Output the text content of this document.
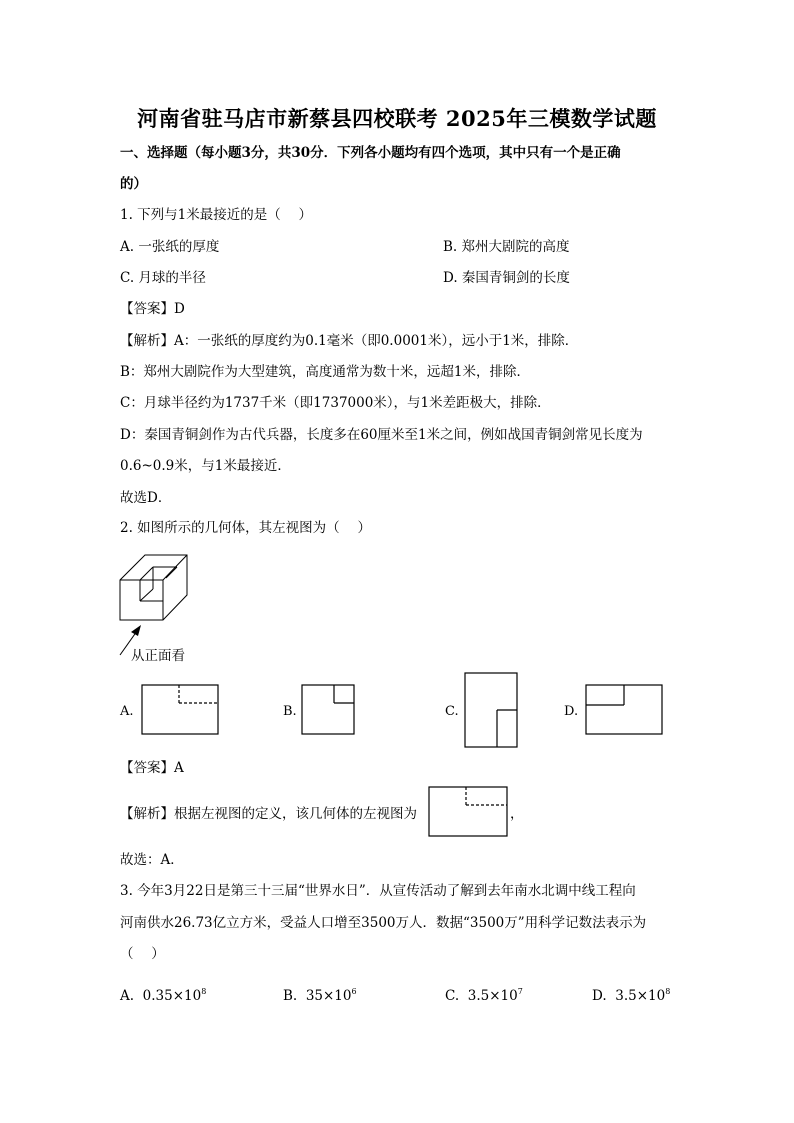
河南省驻马店市新蔡县四校联考 2025年三模数学试题
一、选择题（每小题3分，共30分．下列各小题均有四个选项，其中只有一个是正确
的）
1. 下列与1米最接近的是（　 ）
A. 一张纸的厚度	B. 郑州大剧院的高度
C. 月球的半径	D. 秦国青铜剑的长度
【答案】D
【解析】A：一张纸的厚度约为0.1毫米（即0.0001米），远小于1米，排除．
B：郑州大剧院作为大型建筑，高度通常为数十米，远超1米，排除．
C：月球半径约为1737千米（即1737000米），与1米差距极大，排除．
D：秦国青铜剑作为古代兵器，长度多在60厘米至1米之间，例如战国青铜剑常见长度为
0.6~0.9米，与1米最接近．
故选D．
2. 如图所示的几何体，其左视图为（　 ）
从正面看
A.	B.	C.	D.
【答案】A
【解析】根据左视图的定义，该几何体的左视图为	，
故选：A．
3. 今年3月22日是第三十三届“世界水日”．从宣传活动了解到去年南水北调中线工程向
河南供水26.73亿立方米，受益人口增至3500万人．数据“3500万”用科学记数法表示为
（　 ）
A. $0.35\times 10^8$	B. $35\times 10^6$	C. $3.5\times 10^7$	D. $3.5\times 10^8$
